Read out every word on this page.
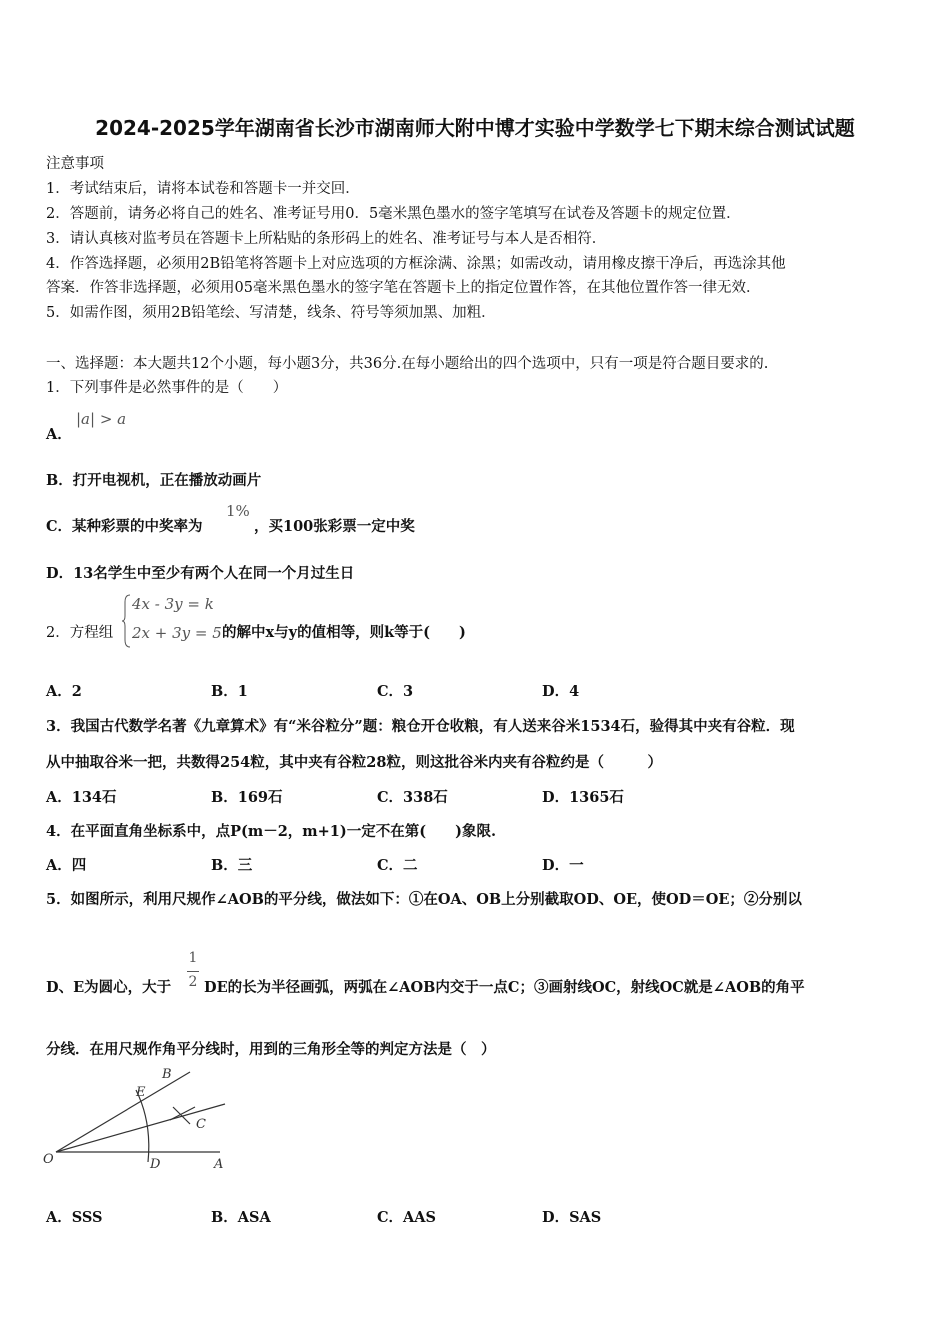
2024-2025学年湖南省长沙市湖南师大附中博才实验中学数学七下期末综合测试试题
注意事项
1．考试结束后，请将本试卷和答题卡一并交回．
2．答题前，请务必将自己的姓名、准考证号用0．5毫米黑色墨水的签字笔填写在试卷及答题卡的规定位置．
3．请认真核对监考员在答题卡上所粘贴的条形码上的姓名、准考证号与本人是否相符．
4．作答选择题，必须用2B铅笔将答题卡上对应选项的方框涂满、涂黑；如需改动，请用橡皮擦干净后，再选涂其他
答案．作答非选择题，必须用05毫米黑色墨水的签字笔在答题卡上的指定位置作答，在其他位置作答一律无效．
5．如需作图，须用2B铅笔绘、写清楚，线条、符号等须加黑、加粗．
一、选择题：本大题共12个小题，每小题3分，共36分.在每小题给出的四个选项中，只有一项是符合题目要求的.
1．下列事件是必然事件的是（　　）
A．
|a| > a
B．打开电视机，正在播放动画片
C．某种彩票的中奖率为
1%
，买100张彩票一定中奖
D．13名学生中至少有两个人在同一个月过生日
2．方程组
4x - 3y = k
2x + 3y = 5 的解中x与y的值相等，则k等于(　　)
A．2	B．1	C．3	D．4
3．我国古代数学名著《九章算术》有“米谷粒分”题：粮仓开仓收粮，有人送来谷米1534石，验得其中夹有谷粒．现
从中抽取谷米一把，共数得254粒，其中夹有谷粒28粒，则这批谷米内夹有谷粒约是（　　　）
A．134石	B．169石	C．338石	D．1365石
4．在平面直角坐标系中，点P(m－2，m+1)一定不在第(　　)象限.
A．四	B．三	C．二	D．一
5．如图所示，利用尺规作∠AOB的平分线，做法如下：①在OA、OB上分别截取OD、OE，使OD＝OE；②分别以
D、E为圆心，大于
1
2 DE的长为半径画弧，两弧在∠AOB内交于一点C；③画射线OC，射线OC就是∠AOB的角平
分线．在用尺规作角平分线时，用到的三角形全等的判定方法是（　）
O	A
B
C
D
E
A．SSS	B．ASA	C．AAS	D．SAS
